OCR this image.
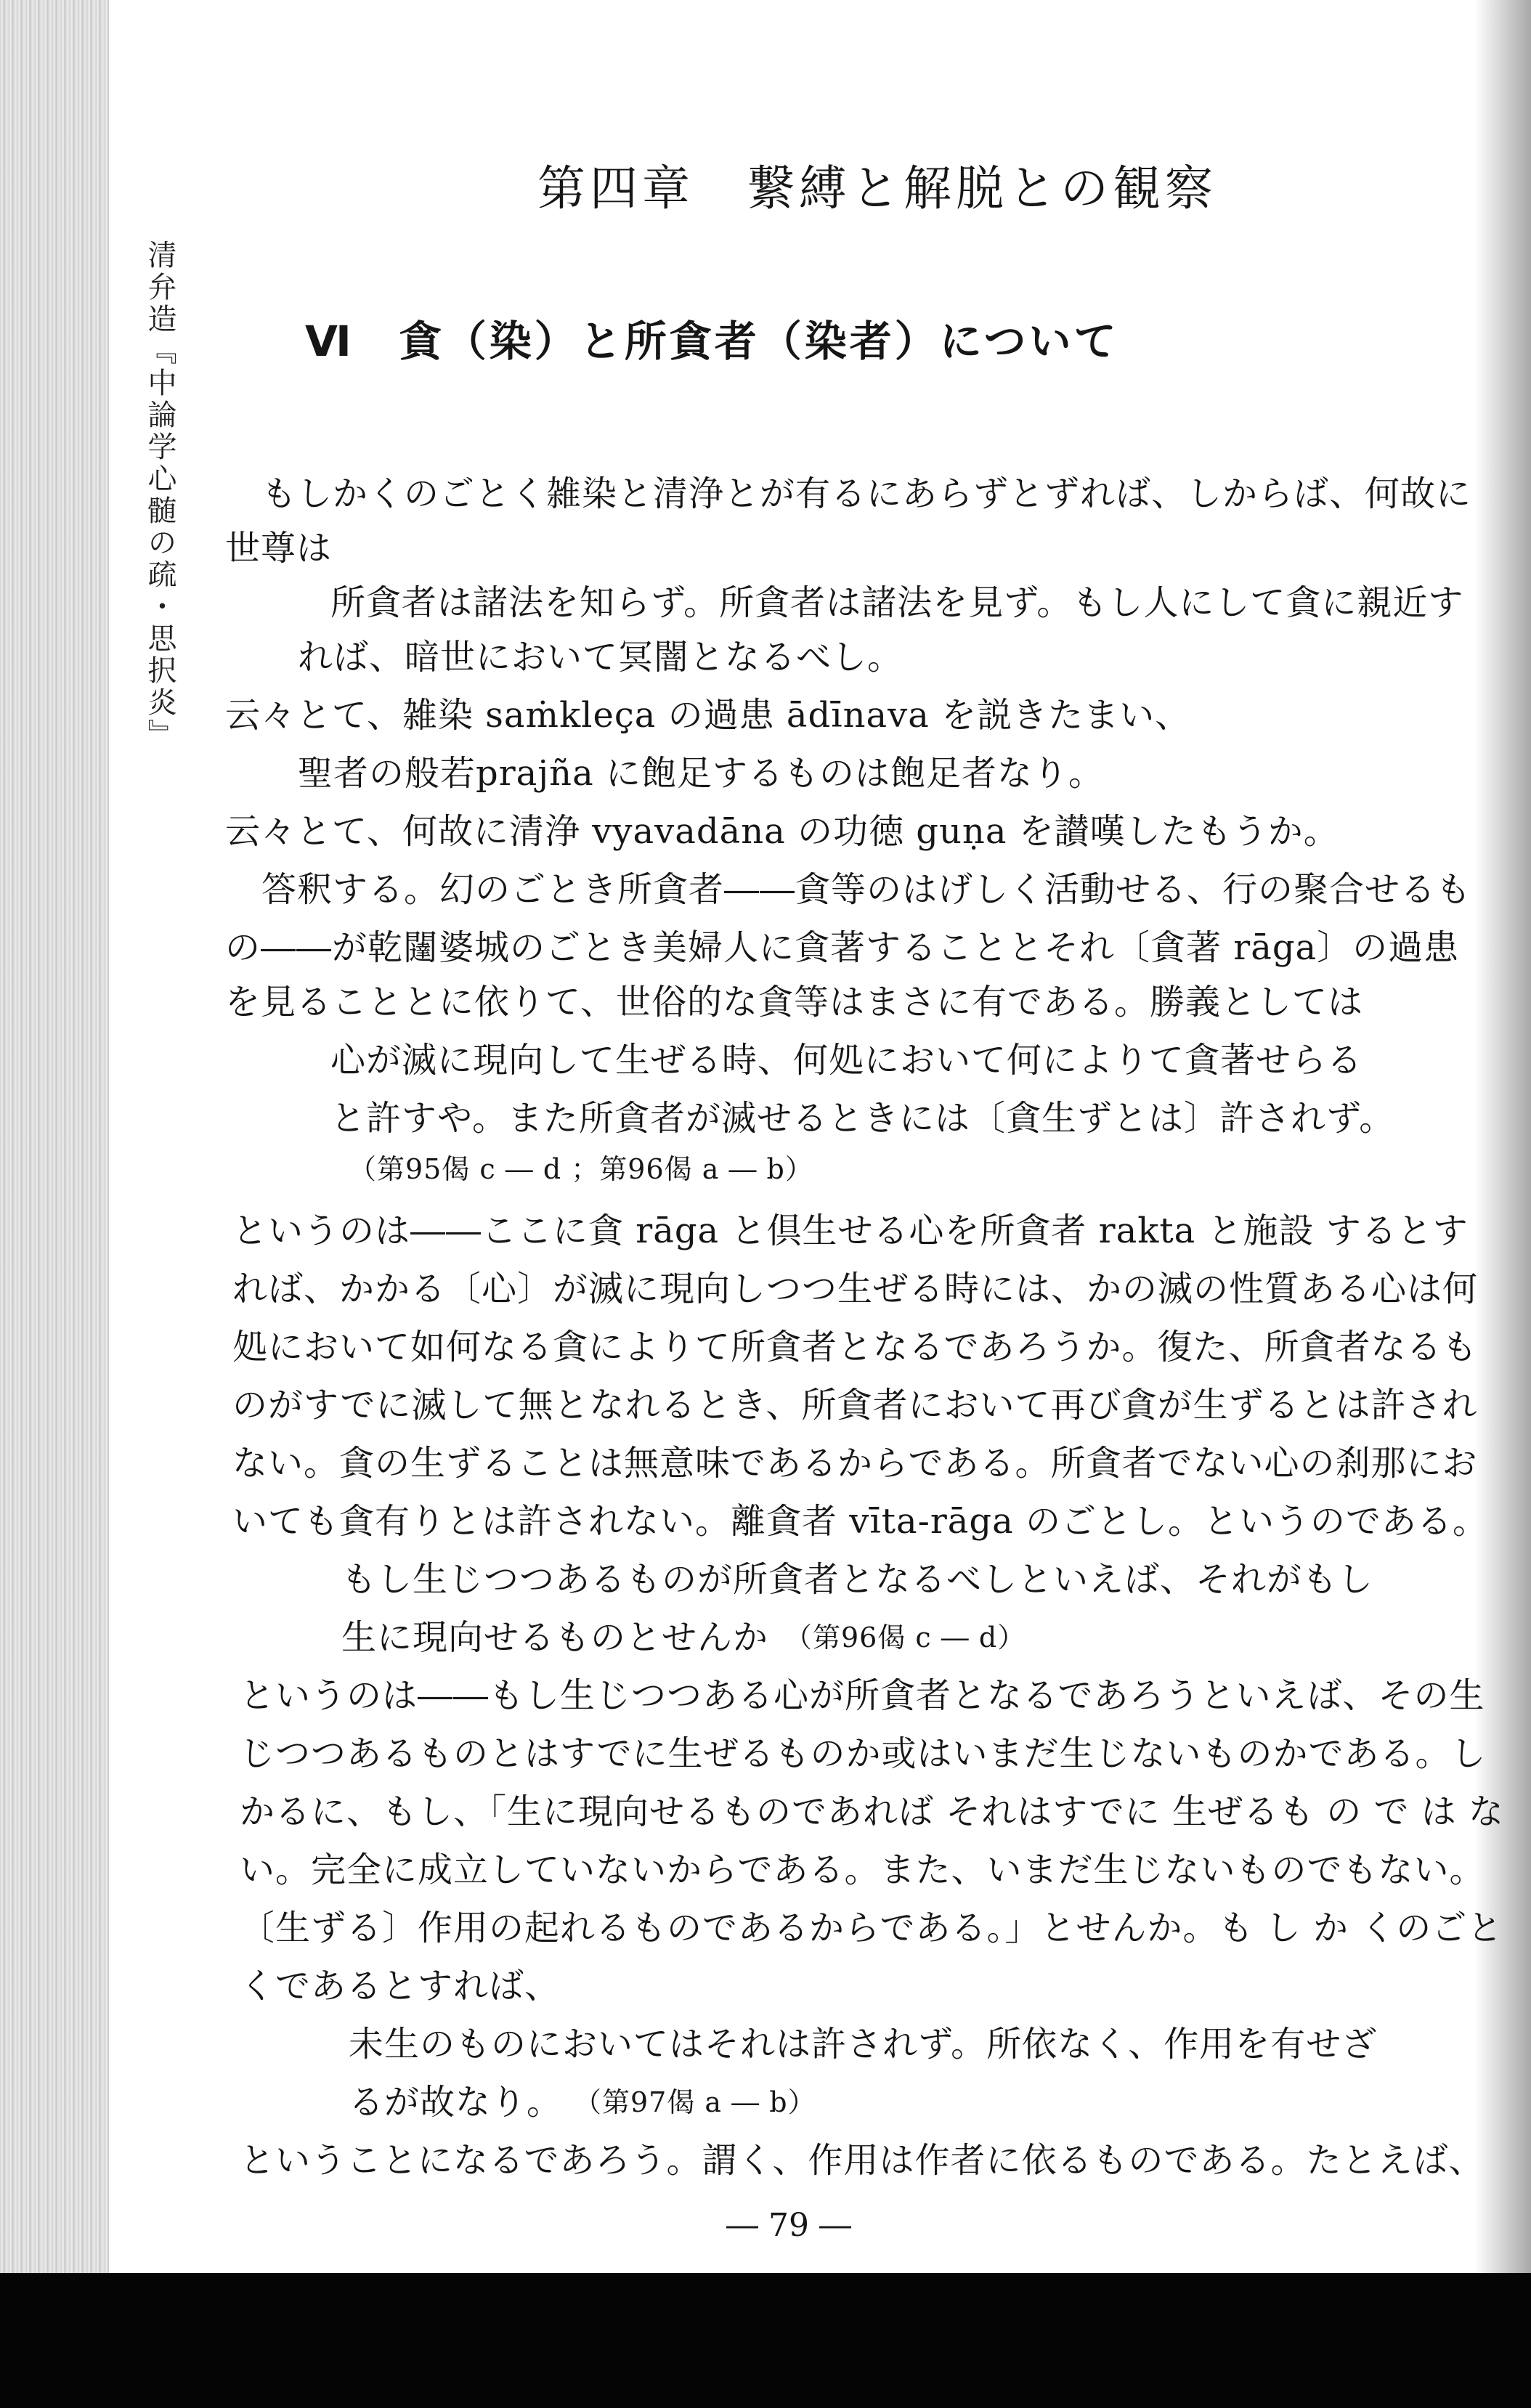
清弁造『中論学心髄の疏・思択炎』
第四章　繋縛と解脱との観察
Ⅵ　貪（染）と所貪者（染者）について
もしかくのごとく雑染と清浄とが有るにあらずとずれば、しからば、何故に
世尊は
所貪者は諸法を知らず。所貪者は諸法を見ず。もし人にして貪に親近す
れば、暗世において冥闇となるべし。
云々とて、雑染 saṁkleça の過患 ādīnava を説きたまい、
聖者の般若prajña に飽足するものは飽足者なり。
云々とて、何故に清浄 vyavadāna の功徳 guṇa を讃嘆したもうか。
答釈する。幻のごとき所貪者――貪等のはげしく活動せる、行の聚合せるも
の――が乾闥婆城のごとき美婦人に貪著することとそれ〔貪著 rāga〕の過患
を見ることとに依りて、世俗的な貪等はまさに有である。勝義としては
心が滅に現向して生ぜる時、何処において何によりて貪著せらる
と許すや。また所貪者が滅せるときには〔貪生ずとは〕許されず。
（第95偈 c ― d ；第96偈 a ― b）
というのは――ここに貪 rāga と倶生せる心を所貪者 rakta と施設 するとす
れば、かかる〔心〕が滅に現向しつつ生ぜる時には、かの滅の性質ある心は何
処において如何なる貪によりて所貪者となるであろうか。復た、所貪者なるも
のがすでに滅して無となれるとき、所貪者において再び貪が生ずるとは許され
ない。貪の生ずることは無意味であるからである。所貪者でない心の刹那にお
いても貪有りとは許されない。離貪者 vīta-rāga のごとし。というのである。
もし生じつつあるものが所貪者となるべしといえば、それがもし
生に現向せるものとせんか （第96偈 c ― d）
というのは――もし生じつつある心が所貪者となるであろうといえば、その生
じつつあるものとはすでに生ぜるものか或はいまだ生じないものかである。し
かるに、もし、「生に現向せるものであれば それはすでに 生ぜるも の で は な
い。完全に成立していないからである。また、いまだ生じないものでもない。
〔生ずる〕作用の起れるものであるからである。」とせんか。も し か くのごと
くであるとすれば、
未生のものにおいてはそれは許されず。所依なく、作用を有せざ
るが故なり。 （第97偈 a ― b）
ということになるであろう。謂く、作用は作者に依るものである。たとえば、
― 79 ―
